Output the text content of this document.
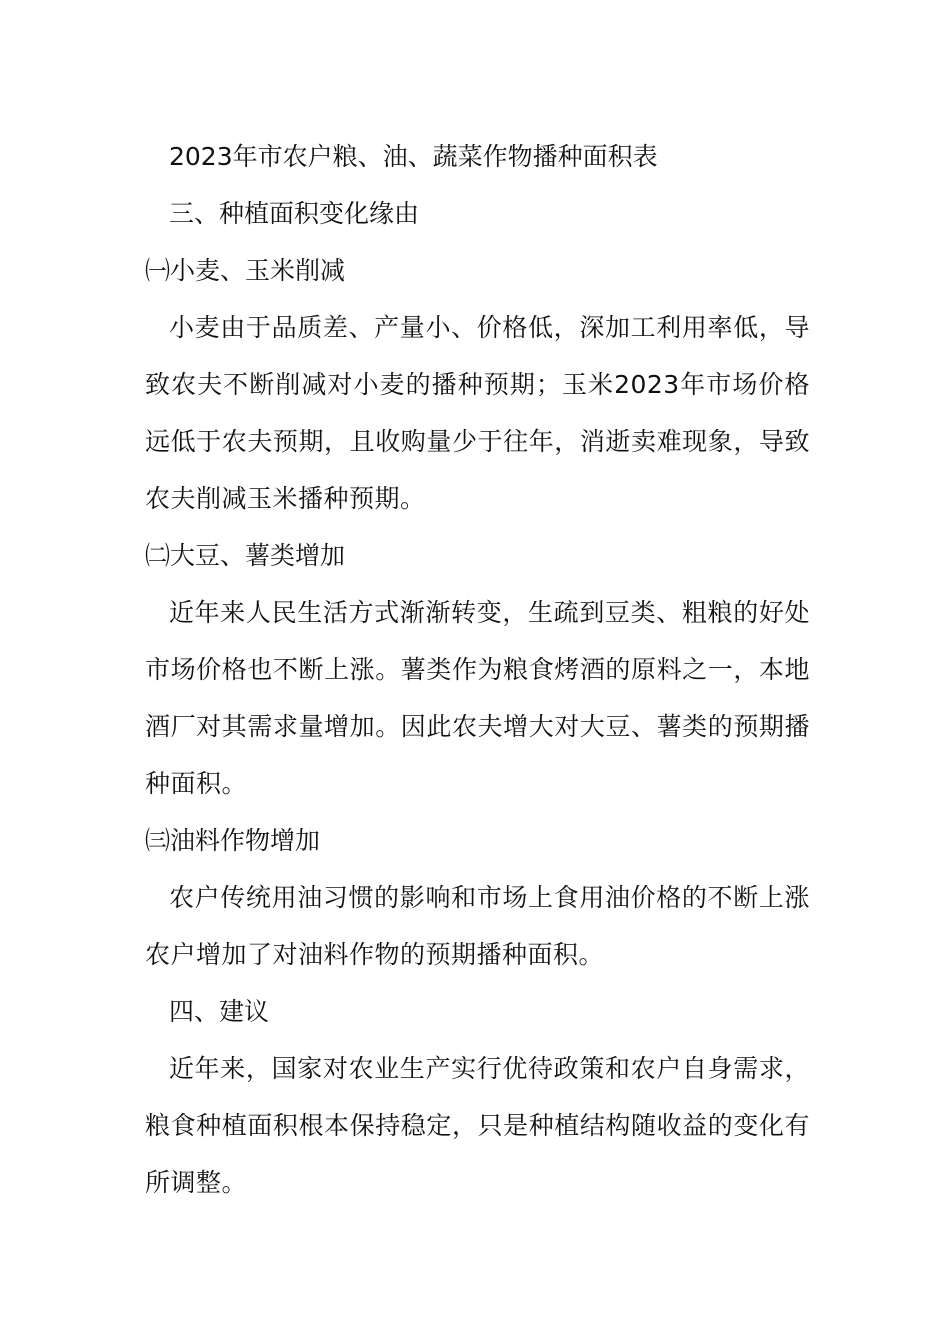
2023年市农户粮、油、蔬菜作物播种面积表

三、种植面积变化缘由

㈠小麦、玉米削减

小麦由于品质差、产量小、价格低，深加工利用率低，导致农夫不断削减对小麦的播种预期；玉米2023年市场价格远低于农夫预期，且收购量少于往年，消逝卖难现象，导致农夫削减玉米播种预期。

㈡大豆、薯类增加

近年来人民生活方式渐渐转变，生疏到豆类、粗粮的好处市场价格也不断上涨。薯类作为粮食烤酒的原料之一，本地酒厂对其需求量增加。因此农夫增大对大豆、薯类的预期播种面积。

㈢油料作物增加

农户传统用油习惯的影响和市场上食用油价格的不断上涨农户增加了对油料作物的预期播种面积。

四、建议

近年来，国家对农业生产实行优待政策和农户自身需求，粮食种植面积根本保持稳定，只是种植结构随收益的变化有所调整。
